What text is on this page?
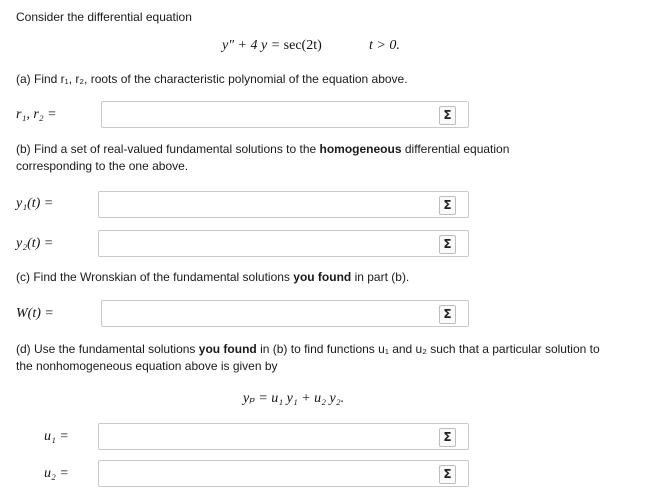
Consider the differential equation
y″ + 4 y = sec(2t)	t > 0.
(a) Find r₁, r₂, roots of the characteristic polynomial of the equation above.
r₁, r₂ =	Σ
(b) Find a set of real-valued fundamental solutions to the homogeneous differential equation corresponding to the one above.
y₁(t) =	Σ
y₂(t) =	Σ
(c) Find the Wronskian of the fundamental solutions you found in part (b).
W(t) =	Σ
(d) Use the fundamental solutions you found in (b) to find functions u₁ and u₂ such that a particular solution to the nonhomogeneous equation above is given by
yₚ = u₁ y₁ + u₂ y₂.
u₁ =	Σ
u₂ =	Σ
